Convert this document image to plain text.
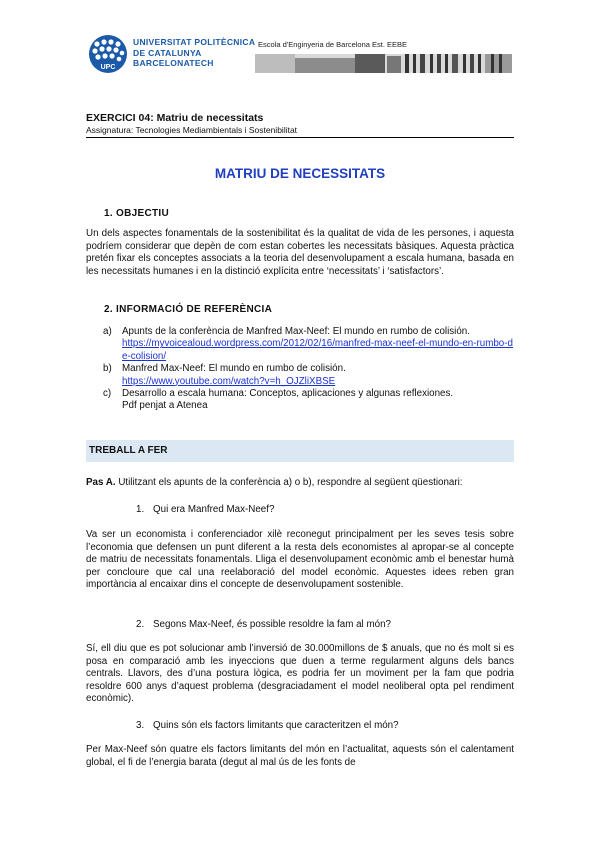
UPC
UNIVERSITAT POLITÈCNICA
DE CATALUNYA
BARCELONATECH
Escola d'Enginyeria de Barcelona Est. EEBE
EXERCICI 04: Matriu de necessitats
Assignatura: Tecnologies Mediambientals i Sostenibilitat
MATRIU DE NECESSITATS
1. OBJECTIU
Un dels aspectes fonamentals de la sostenibilitat és la qualitat de vida de les persones, i aquesta podríem considerar que depèn de com estan cobertes les necessitats bàsiques. Aquesta pràctica pretén fixar els conceptes associats a la teoria del desenvolupament a escala humana, basada en les necessitats humanes i en la distinció explícita entre ‘necessitats’ i ‘satisfactors’.
2. INFORMACIÓ DE REFERÈNCIA
a) Apunts de la conferència de Manfred Max-Neef: El mundo en rumbo de colisión.
https://myvoicealoud.wordpress.com/2012/02/16/manfred-max-neef-el-mundo-en-rumbo-de-colision/
b) Manfred Max-Neef: El mundo en rumbo de colisión.
https://www.youtube.com/watch?v=h_OJZliXBSE
c) Desarrollo a escala humana: Conceptos, aplicaciones y algunas reflexiones.
Pdf penjat a Atenea
TREBALL A FER
Pas A. Utilitzant els apunts de la conferència a) o b), respondre al següent qüestionari:
1. Qui era Manfred Max-Neef?
Va ser un economista i conferenciador xilè reconegut principalment per les seves tesis sobre l’economia que defensen un punt diferent a la resta dels economistes al apropar-se al concepte de matriu de necessitats fonamentals. Lliga el desenvolupament econòmic amb el benestar humà per concloure que cal una reelaboració del model econòmic. Aquestes idees reben gran importància al encaixar dins el concepte de desenvolupament sostenible.
2. Segons Max-Neef, és possible resoldre la fam al món?
Sí, ell diu que es pot solucionar amb l’inversió de 30.000millons de $ anuals, que no és molt si es posa en comparació amb les inyeccions que duen a terme regularment alguns dels bancs centrals. Llavors, des d’una postura lògica, es podria fer un moviment per la fam que podria resoldre 600 anys d’aquest problema (desgraciadament el model neoliberal opta pel rendiment econòmic).
3. Quins són els factors limitants que caracteritzen el món?
Per Max-Neef són quatre els factors limitants del món en l’actualitat, aquests són el calentament global, el fi de l’energia barata (degut al mal ús de les fonts de
